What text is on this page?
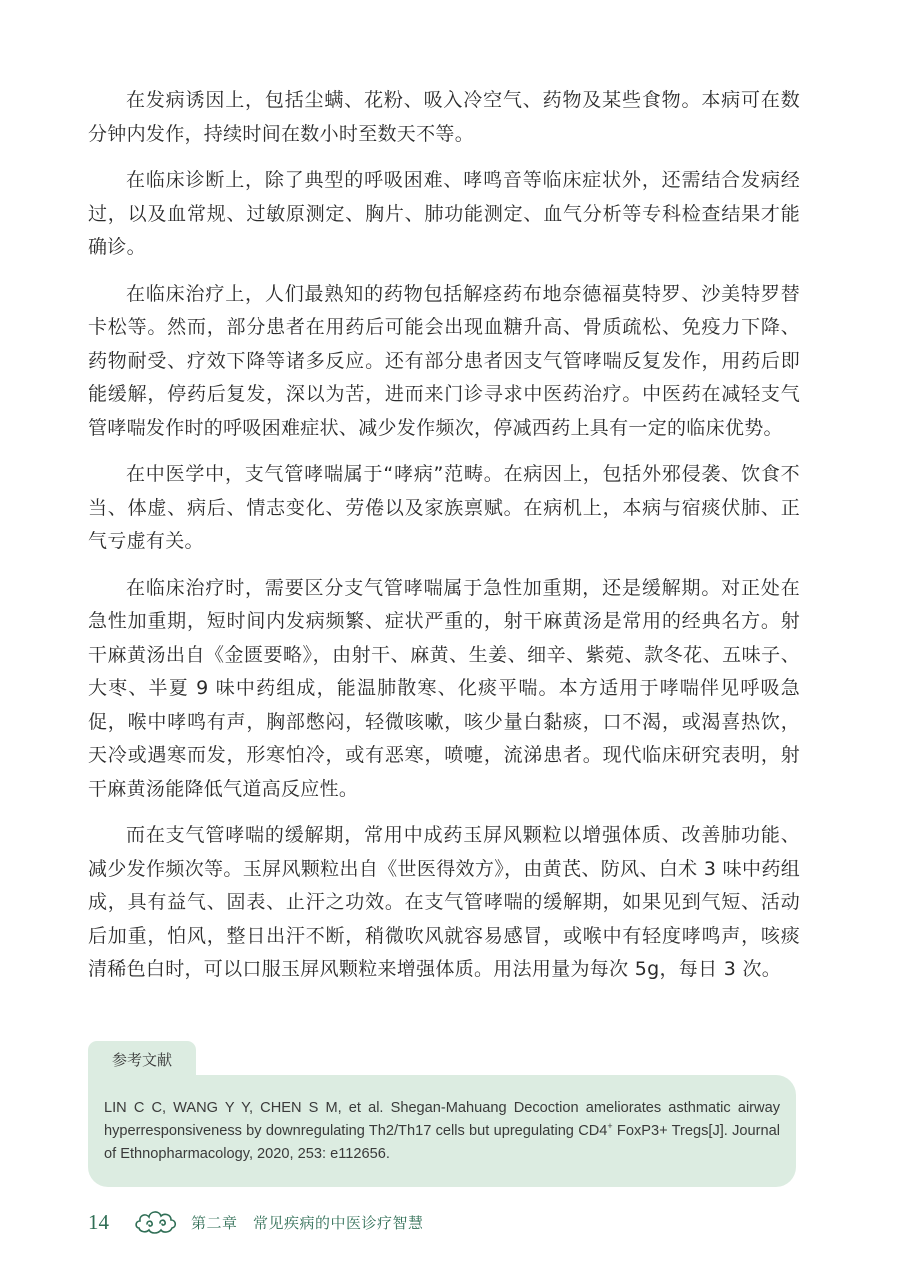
在发病诱因上，包括尘螨、花粉、吸入冷空气、药物及某些食物。本病可在数分钟内发作，持续时间在数小时至数天不等。

在临床诊断上，除了典型的呼吸困难、哮鸣音等临床症状外，还需结合发病经过，以及血常规、过敏原测定、胸片、肺功能测定、血气分析等专科检查结果才能确诊。

在临床治疗上，人们最熟知的药物包括解痉药布地奈德福莫特罗、沙美特罗替卡松等。然而，部分患者在用药后可能会出现血糖升高、骨质疏松、免疫力下降、药物耐受、疗效下降等诸多反应。还有部分患者因支气管哮喘反复发作，用药后即能缓解，停药后复发，深以为苦，进而来门诊寻求中医药治疗。中医药在减轻支气管哮喘发作时的呼吸困难症状、减少发作频次，停减西药上具有一定的临床优势。

在中医学中，支气管哮喘属于“哮病”范畴。在病因上，包括外邪侵袭、饮食不当、体虚、病后、情志变化、劳倦以及家族禀赋。在病机上，本病与宿痰伏肺、正气亏虚有关。

在临床治疗时，需要区分支气管哮喘属于急性加重期，还是缓解期。对正处在急性加重期，短时间内发病频繁、症状严重的，射干麻黄汤是常用的经典名方。射干麻黄汤出自《金匮要略》，由射干、麻黄、生姜、细辛、紫菀、款冬花、五味子、大枣、半夏 9 味中药组成，能温肺散寒、化痰平喘。本方适用于哮喘伴见呼吸急促，喉中哮鸣有声，胸部憋闷，轻微咳嗽，咳少量白黏痰，口不渴，或渴喜热饮，天冷或遇寒而发，形寒怕冷，或有恶寒，喷嚏，流涕患者。现代临床研究表明，射干麻黄汤能降低气道高反应性。

而在支气管哮喘的缓解期，常用中成药玉屏风颗粒以增强体质、改善肺功能、减少发作频次等。玉屏风颗粒出自《世医得效方》，由黄芪、防风、白术 3 味中药组成，具有益气、固表、止汗之功效。在支气管哮喘的缓解期，如果见到气短、活动后加重，怕风，整日出汗不断，稍微吹风就容易感冒，或喉中有轻度哮鸣声，咳痰清稀色白时，可以口服玉屏风颗粒来增强体质。用法用量为每次 5g，每日 3 次。

参考文献

LIN C C, WANG Y Y, CHEN S M, et al. Shegan-Mahuang Decoction ameliorates asthmatic airway hyperresponsiveness by downregulating Th2/Th17 cells but upregulating CD4+ FoxP3+ Tregs[J]. Journal of Ethnopharmacology, 2020, 253: e112656.

14	第二章　常见疾病的中医诊疗智慧
